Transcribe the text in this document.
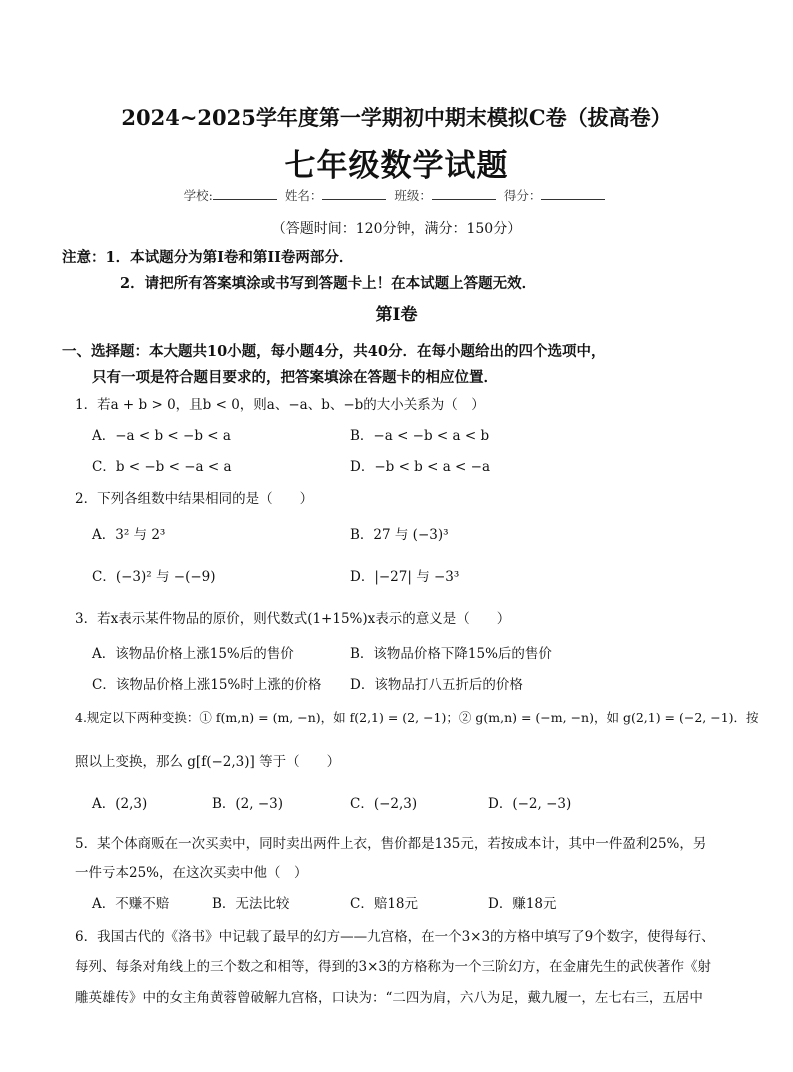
2024~2025学年度第一学期初中期末模拟C卷（拔高卷）
七年级数学试题
学校:	姓名：	班级：	得分：
（答题时间：120分钟，满分：150分）
注意：1．本试题分为第I卷和第II卷两部分．
2．请把所有答案填涂或书写到答题卡上！在本试题上答题无效．
第I卷
一、选择题：本大题共10小题，每小题4分，共40分．在每小题给出的四个选项中，
只有一项是符合题目要求的，把答案填涂在答题卡的相应位置．
1．若a + b > 0，且b < 0，则a、−a、b、−b的大小关系为（　）
A．−a < b < −b < a	B．−a < −b < a < b
C．b < −b < −a < a	D．−b < b < a < −a
2．下列各组数中结果相同的是（　　）
A．3² 与 2³	B．27 与 (−3)³
C．(−3)² 与 −(−9)	D．|−27| 与 −3³
3．若x表示某件物品的原价，则代数式(1+15%)x表示的意义是（　　）
A．该物品价格上涨15%后的售价	B．该物品价格下降15%后的售价
C．该物品价格上涨15%时上涨的价格 D．该物品打八五折后的价格
4.规定以下两种变换：① f(m,n) = (m, −n)，如 f(2,1) = (2, −1)；② g(m,n) = (−m, −n)，如 g(2,1) = (−2, −1)．按
照以上变换，那么 g[f(−2,3)] 等于（　　）
A．(2,3)	B．(2, −3)	C．(−2,3)	D．(−2, −3)
5．某个体商贩在一次买卖中，同时卖出两件上衣，售价都是135元，若按成本计，其中一件盈利25%，另
一件亏本25%，在这次买卖中他（　）
A．不赚不赔	B．无法比较	C．赔18元	D．赚18元
6．我国古代的《洛书》中记载了最早的幻方——九宫格，在一个3×3的方格中填写了9个数字，使得每行、
每列、每条对角线上的三个数之和相等，得到的3×3的方格称为一个三阶幻方，在金庸先生的武侠著作《射
雕英雄传》中的女主角黄蓉曾破解九宫格，口诀为：“二四为肩，六八为足，戴九履一，左七右三，五居中
